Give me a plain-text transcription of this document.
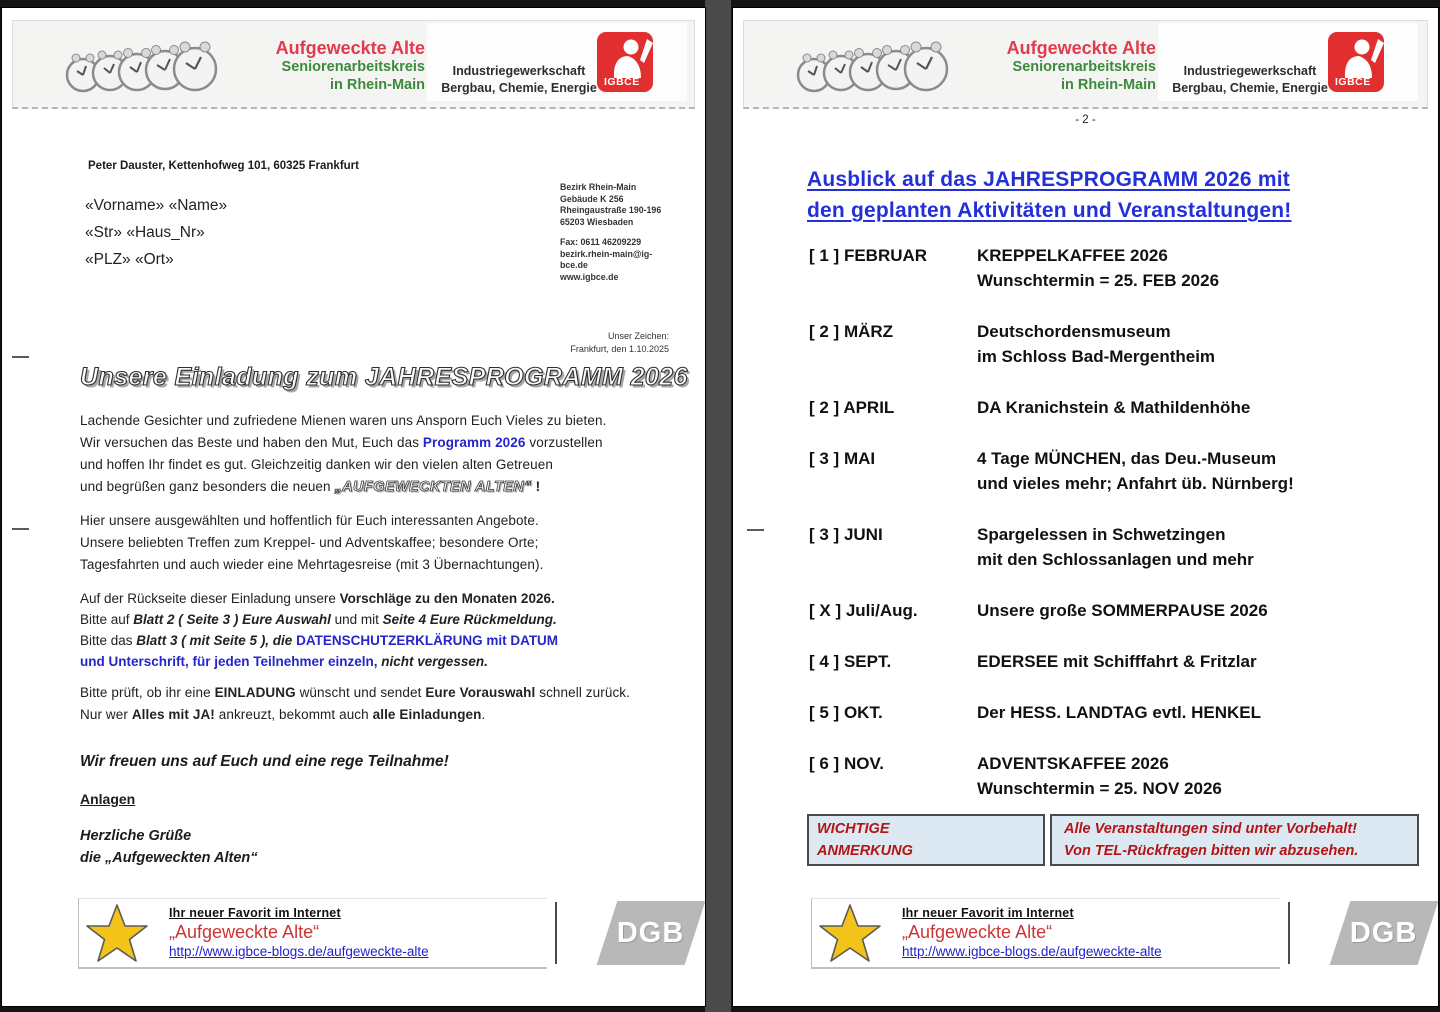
Aufgeweckte Alte
Seniorenarbeitskreis
in Rhein-Main
Industriegewerkschaft
Bergbau, Chemie, Energie IGBCE
Peter Dauster, Kettenhofweg 101, 60325 Frankfurt
«Vorname» «Name»
«Str» «Haus_Nr»
«PLZ» «Ort»
Bezirk Rhein-Main
Gebäude K 256
Rheingaustraße 190-196
65203 Wiesbaden
Fax: 0611 46209229
bezirk.rhein-main@ig-
bce.de
www.igbce.de
Unser Zeichen:
Frankfurt, den 1.10.2025
Unsere Einladung zum JAHRESPROGRAMM 2026
Lachende Gesichter und zufriedene Mienen waren uns Ansporn Euch Vieles zu bieten.
Wir versuchen das Beste und haben den Mut, Euch das Programm 2026 vorzustellen
und hoffen Ihr findet es gut. Gleichzeitig danken wir den vielen alten Getreuen
und begrüßen ganz besonders die neuen „AUFGEWECKTEN ALTEN“ !
Hier unsere ausgewählten und hoffentlich für Euch interessanten Angebote.
Unsere beliebten Treffen zum Kreppel- und Adventskaffee; besondere Orte;
Tagesfahrten und auch wieder eine Mehrtagesreise (mit 3 Übernachtungen).
Auf der Rückseite dieser Einladung unsere Vorschläge zu den Monaten 2026.
Bitte auf Blatt 2 ( Seite 3 ) Eure Auswahl und mit Seite 4 Eure Rückmeldung.
Bitte das Blatt 3 ( mit Seite 5 ), die DATENSCHUTZERKLÄRUNG mit DATUM
und Unterschrift, für jeden Teilnehmer einzeln, nicht vergessen.
Bitte prüft, ob ihr eine EINLADUNG wünscht und sendet Eure Vorauswahl schnell zurück.
Nur wer Alles mit JA! ankreuzt, bekommt auch alle Einladungen.
Wir freuen uns auf Euch und eine rege Teilnahme!
Anlagen
Herzliche Grüße
die „Aufgeweckten Alten“
Ihr neuer Favorit im Internet
„Aufgeweckte Alte“
http://www.igbce-blogs.de/aufgeweckte-alte
DGB
Aufgeweckte Alte
Seniorenarbeitskreis
in Rhein-Main
Industriegewerkschaft
Bergbau, Chemie, Energie IGBCE
- 2 -
Ausblick auf das JAHRESPROGRAMM 2026 mit
den geplanten Aktivitäten und Veranstaltungen!
[ 1 ] FEBRUAR	KREPPELKAFFEE 2026
Wunschtermin = 25. FEB 2026
[ 2 ] MÄRZ	Deutschordensmuseum
im Schloss Bad-Mergentheim
[ 2 ] APRIL	DA Kranichstein & Mathildenhöhe
[ 3 ] MAI	4 Tage MÜNCHEN, das Deu.-Museum
und vieles mehr; Anfahrt üb. Nürnberg!
[ 3 ] JUNI	Spargelessen in Schwetzingen
mit den Schlossanlagen und mehr
[ X ] Juli/Aug.	Unsere große SOMMERPAUSE 2026
[ 4 ] SEPT.	EDERSEE mit Schifffahrt & Fritzlar
[ 5 ] OKT.	Der HESS. LANDTAG evtl. HENKEL
[ 6 ] NOV.	ADVENTSKAFFEE 2026
Wunschtermin = 25. NOV 2026
WICHTIGE
ANMERKUNG
Alle Veranstaltungen sind unter Vorbehalt!
Von TEL-Rückfragen bitten wir abzusehen.
Ihr neuer Favorit im Internet
„Aufgeweckte Alte“
http://www.igbce-blogs.de/aufgeweckte-alte
DGB
